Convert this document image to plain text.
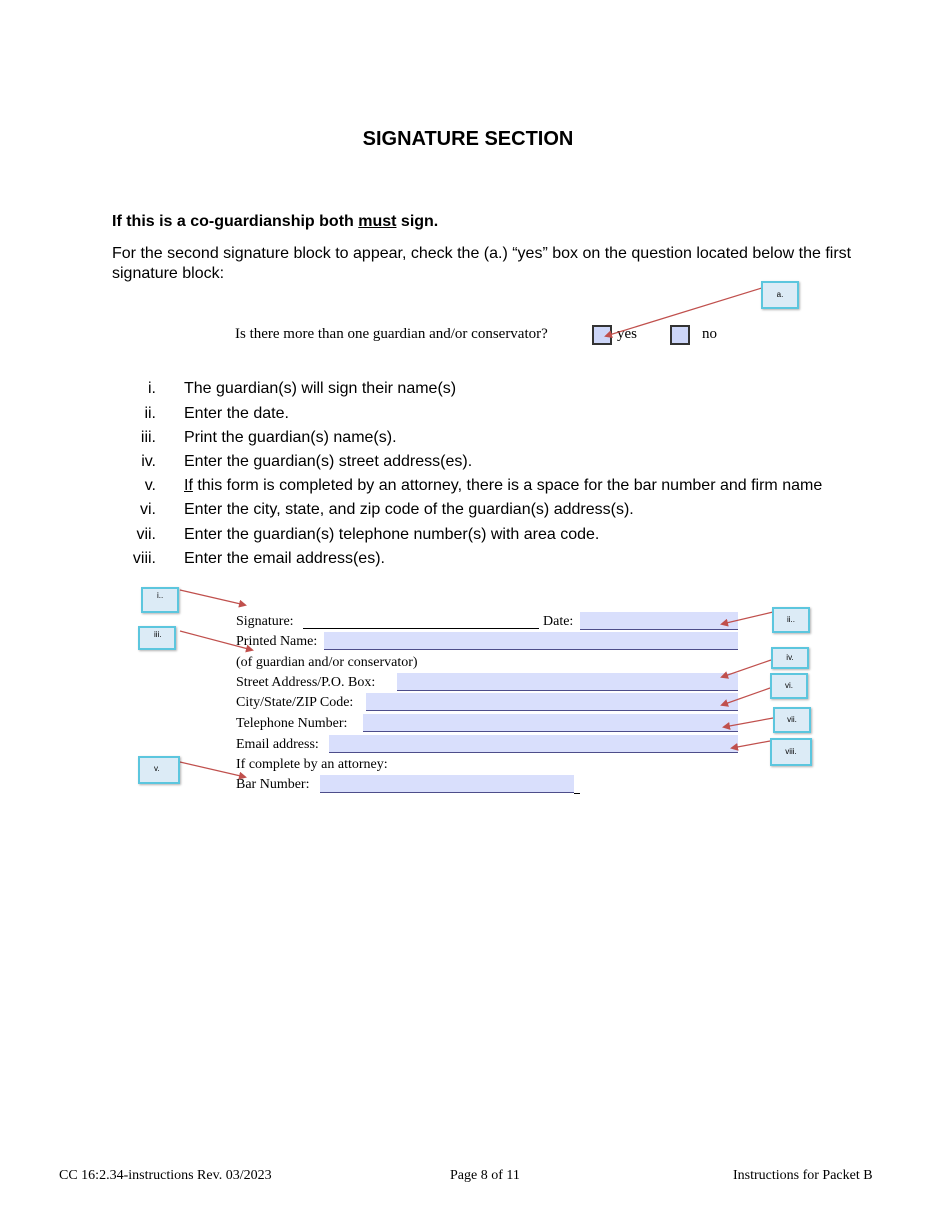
SIGNATURE SECTION
If this is a co-guardianship both must sign.
For the second signature block to appear, check the (a.) “yes” box on the question located below the first signature block:
Is there more than one guardian and/or conservator?	yes	no
i. The guardian(s) will sign their name(s)
ii. Enter the date.
iii. Print the guardian(s) name(s).
iv. Enter the guardian(s) street address(es).
v. If this form is completed by an attorney, there is a space for the bar number and firm name
vi. Enter the city, state, and zip code of the guardian(s) address(s).
vii. Enter the guardian(s) telephone number(s) with area code.
viii. Enter the email address(es).
Signature:	Date:
Printed Name:
(of guardian and/or conservator)
Street Address/P.O. Box:
City/State/ZIP Code:
Telephone Number:
Email address:
If complete by an attorney:
Bar Number:
a.
i..
iii.
ii..
iv.
vi.
vii.
viii.
v.
CC 16:2.34-instructions Rev. 03/2023	Page 8 of 11	Instructions for Packet B
